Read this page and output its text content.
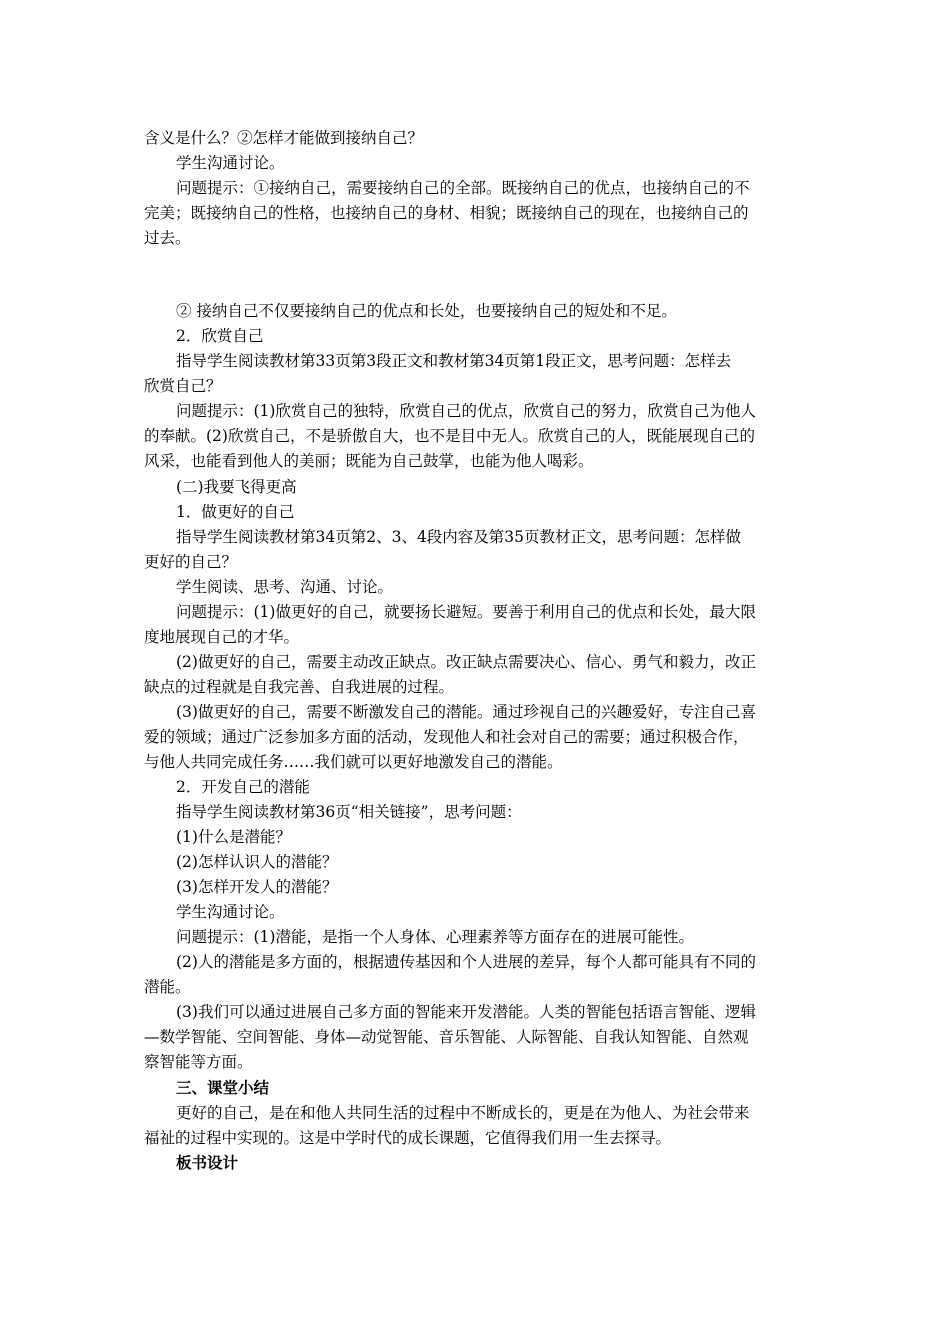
含义是什么？②怎样才能做到接纳自己？
学生沟通讨论。
问题提示：①接纳自己，需要接纳自己的全部。既接纳自己的优点，也接纳自己的不
完美；既接纳自己的性格，也接纳自己的身材、相貌；既接纳自己的现在，也接纳自己的
过去。
② 接纳自己不仅要接纳自己的优点和长处，也要接纳自己的短处和不足。
2．欣赏自己
指导学生阅读教材第33页第3段正文和教材第34页第1段正文，思考问题：怎样去
欣赏自己？
问题提示：(1)欣赏自己的独特，欣赏自己的优点，欣赏自己的努力，欣赏自己为他人
的奉献。(2)欣赏自己，不是骄傲自大，也不是目中无人。欣赏自己的人，既能展现自己的
风采，也能看到他人的美丽；既能为自己鼓掌，也能为他人喝彩。
(二)我要飞得更高
1．做更好的自己
指导学生阅读教材第34页第2、3、4段内容及第35页教材正文，思考问题：怎样做
更好的自己？
学生阅读、思考、沟通、讨论。
问题提示：(1)做更好的自己，就要扬长避短。要善于利用自己的优点和长处，最大限
度地展现自己的才华。
(2)做更好的自己，需要主动改正缺点。改正缺点需要决心、信心、勇气和毅力，改正
缺点的过程就是自我完善、自我进展的过程。
(3)做更好的自己，需要不断激发自己的潜能。通过珍视自己的兴趣爱好，专注自己喜
爱的领域；通过广泛参加多方面的活动，发现他人和社会对自己的需要；通过积极合作，
与他人共同完成任务……我们就可以更好地激发自己的潜能。
2．开发自己的潜能
指导学生阅读教材第36页“相关链接”，思考问题：
(1)什么是潜能？
(2)怎样认识人的潜能？
(3)怎样开发人的潜能？
学生沟通讨论。
问题提示：(1)潜能，是指一个人身体、心理素养等方面存在的进展可能性。
(2)人的潜能是多方面的，根据遗传基因和个人进展的差异，每个人都可能具有不同的
潜能。
(3)我们可以通过进展自己多方面的智能来开发潜能。人类的智能包括语言智能、逻辑
—数学智能、空间智能、身体—动觉智能、音乐智能、人际智能、自我认知智能、自然观
察智能等方面。
三、课堂小结
更好的自己，是在和他人共同生活的过程中不断成长的，更是在为他人、为社会带来
福祉的过程中实现的。这是中学时代的成长课题，它值得我们用一生去探寻。
板书设计
